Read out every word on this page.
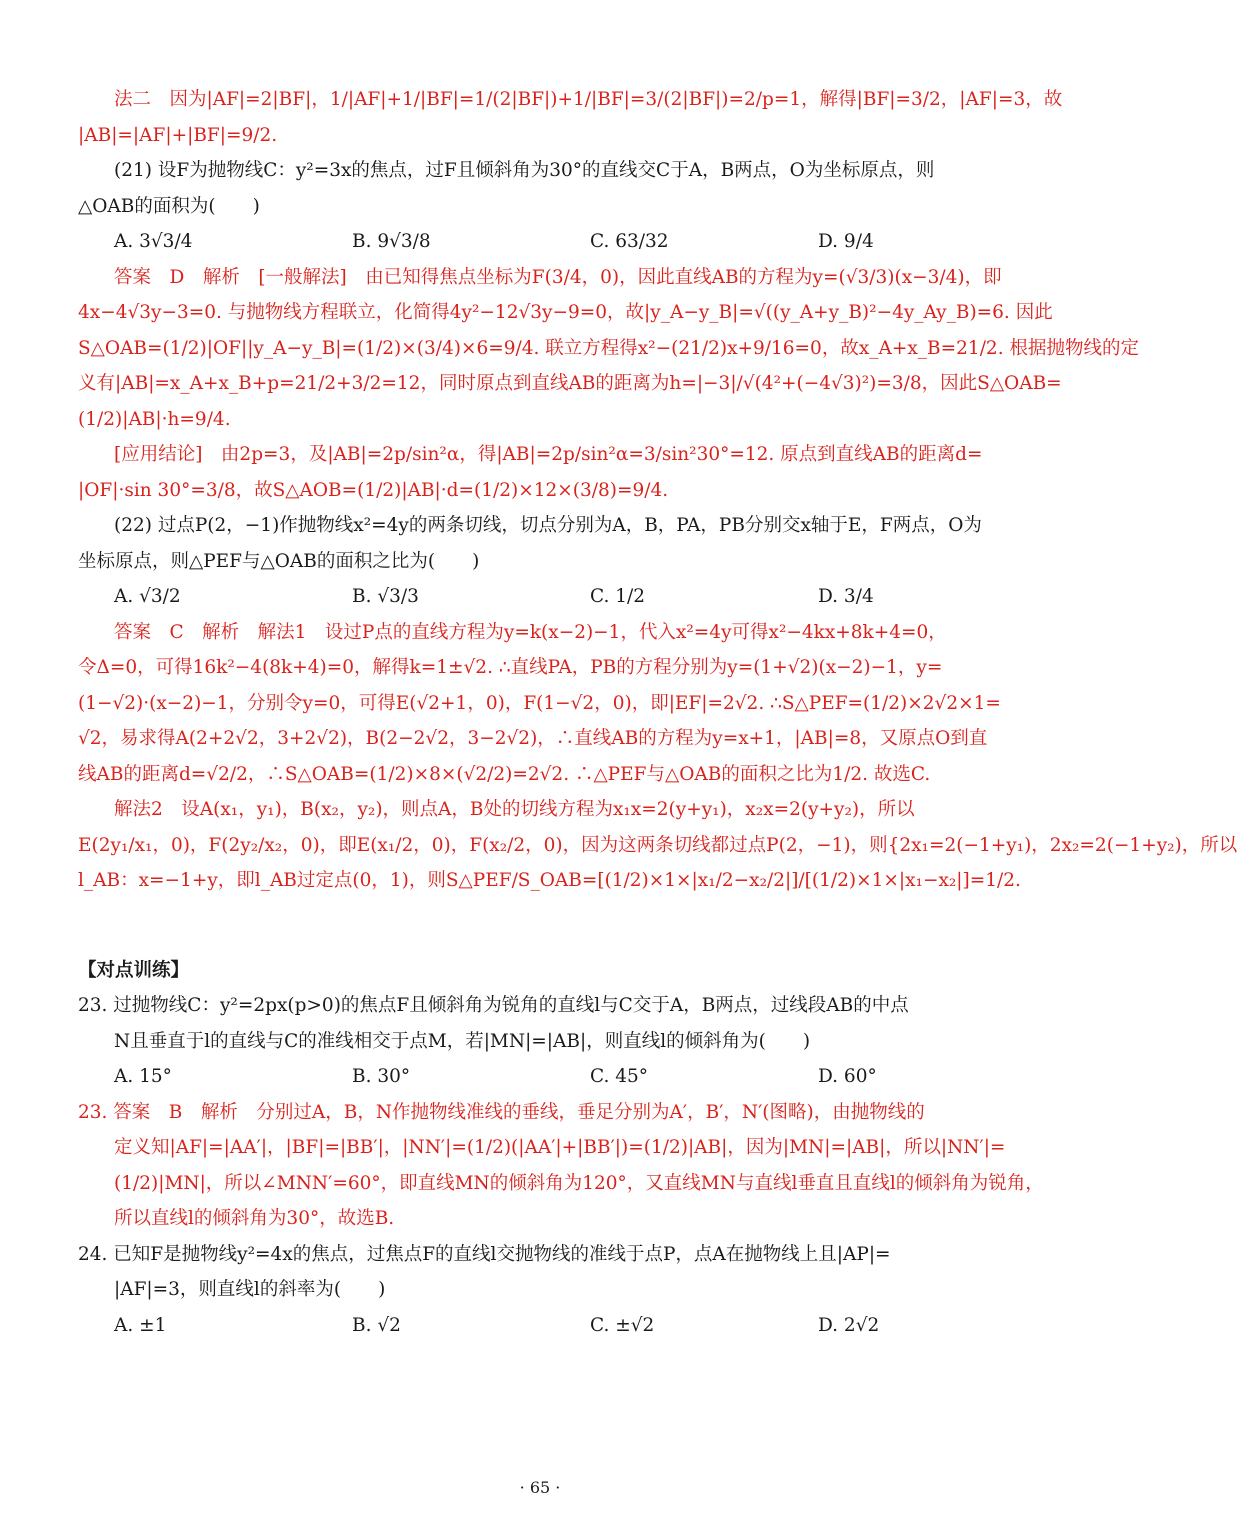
法二　因为|AF|=2|BF|，1/|AF|+1/|BF|=1/(2|BF|)+1/|BF|=3/(2|BF|)=2/p=1，解得|BF|=3/2，|AF|=3，故
|AB|=|AF|+|BF|=9/2.
(21) 设F为抛物线C：y²=3x的焦点，过F且倾斜角为30°的直线交C于A，B两点，O为坐标原点，则
△OAB的面积为(　　)
A. 3√3/4	B. 9√3/8	C. 63/32	D. 9/4
答案　D　解析　[一般解法]　由已知得焦点坐标为F(3/4，0)，因此直线AB的方程为y=(√3/3)(x−3/4)，即
4x−4√3y−3=0. 与抛物线方程联立，化简得4y²−12√3y−9=0，故|y_A−y_B|=√((y_A+y_B)²−4y_Ay_B)=6. 因此
S△OAB=(1/2)|OF||y_A−y_B|=(1/2)×(3/4)×6=9/4. 联立方程得x²−(21/2)x+9/16=0，故x_A+x_B=21/2. 根据抛物线的定
义有|AB|=x_A+x_B+p=21/2+3/2=12，同时原点到直线AB的距离为h=|−3|/√(4²+(−4√3)²)=3/8，因此S△OAB=
(1/2)|AB|·h=9/4.
[应用结论]　由2p=3，及|AB|=2p/sin²α，得|AB|=2p/sin²α=3/sin²30°=12. 原点到直线AB的距离d=
|OF|·sin 30°=3/8，故S△AOB=(1/2)|AB|·d=(1/2)×12×(3/8)=9/4.
(22) 过点P(2，−1)作抛物线x²=4y的两条切线，切点分别为A，B，PA，PB分别交x轴于E，F两点，O为
坐标原点，则△PEF与△OAB的面积之比为(　　)
A. √3/2	B. √3/3	C. 1/2	D. 3/4
答案　C　解析　解法1　设过P点的直线方程为y=k(x−2)−1，代入x²=4y可得x²−4kx+8k+4=0，
令Δ=0，可得16k²−4(8k+4)=0，解得k=1±√2. ∴直线PA，PB的方程分别为y=(1+√2)(x−2)−1，y=
(1−√2)·(x−2)−1，分别令y=0，可得E(√2+1，0)，F(1−√2，0)，即|EF|=2√2. ∴S△PEF=(1/2)×2√2×1=
√2，易求得A(2+2√2，3+2√2)，B(2−2√2，3−2√2)，∴直线AB的方程为y=x+1，|AB|=8，又原点O到直
线AB的距离d=√2/2，∴S△OAB=(1/2)×8×(√2/2)=2√2. ∴△PEF与△OAB的面积之比为1/2. 故选C.
解法2　设A(x₁，y₁)，B(x₂，y₂)，则点A，B处的切线方程为x₁x=2(y+y₁)，x₂x=2(y+y₂)，所以
E(2y₁/x₁，0)，F(2y₂/x₂，0)，即E(x₁/2，0)，F(x₂/2，0)，因为这两条切线都过点P(2，−1)，则{2x₁=2(−1+y₁)，2x₂=2(−1+y₂)，所以
l_AB：x=−1+y，即l_AB过定点(0，1)，则S△PEF/S_OAB=[(1/2)×1×|x₁/2−x₂/2|]/[(1/2)×1×|x₁−x₂|]=1/2.
【对点训练】
23. 过抛物线C：y²=2px(p>0)的焦点F且倾斜角为锐角的直线l与C交于A，B两点，过线段AB的中点
N且垂直于l的直线与C的准线相交于点M，若|MN|=|AB|，则直线l的倾斜角为(　　)
A. 15°	B. 30°	C. 45°	D. 60°
23. 答案　B　解析　分别过A，B，N作抛物线准线的垂线，垂足分别为A′，B′，N′(图略)，由抛物线的
定义知|AF|=|AA′|，|BF|=|BB′|，|NN′|=(1/2)(|AA′|+|BB′|)=(1/2)|AB|，因为|MN|=|AB|，所以|NN′|=
(1/2)|MN|，所以∠MNN′=60°，即直线MN的倾斜角为120°，又直线MN与直线l垂直且直线l的倾斜角为锐角，
所以直线l的倾斜角为30°，故选B.
24. 已知F是抛物线y²=4x的焦点，过焦点F的直线l交抛物线的准线于点P，点A在抛物线上且|AP|=
|AF|=3，则直线l的斜率为(　　)
A. ±1	B. √2	C. ±√2	D. 2√2
· 65 ·
